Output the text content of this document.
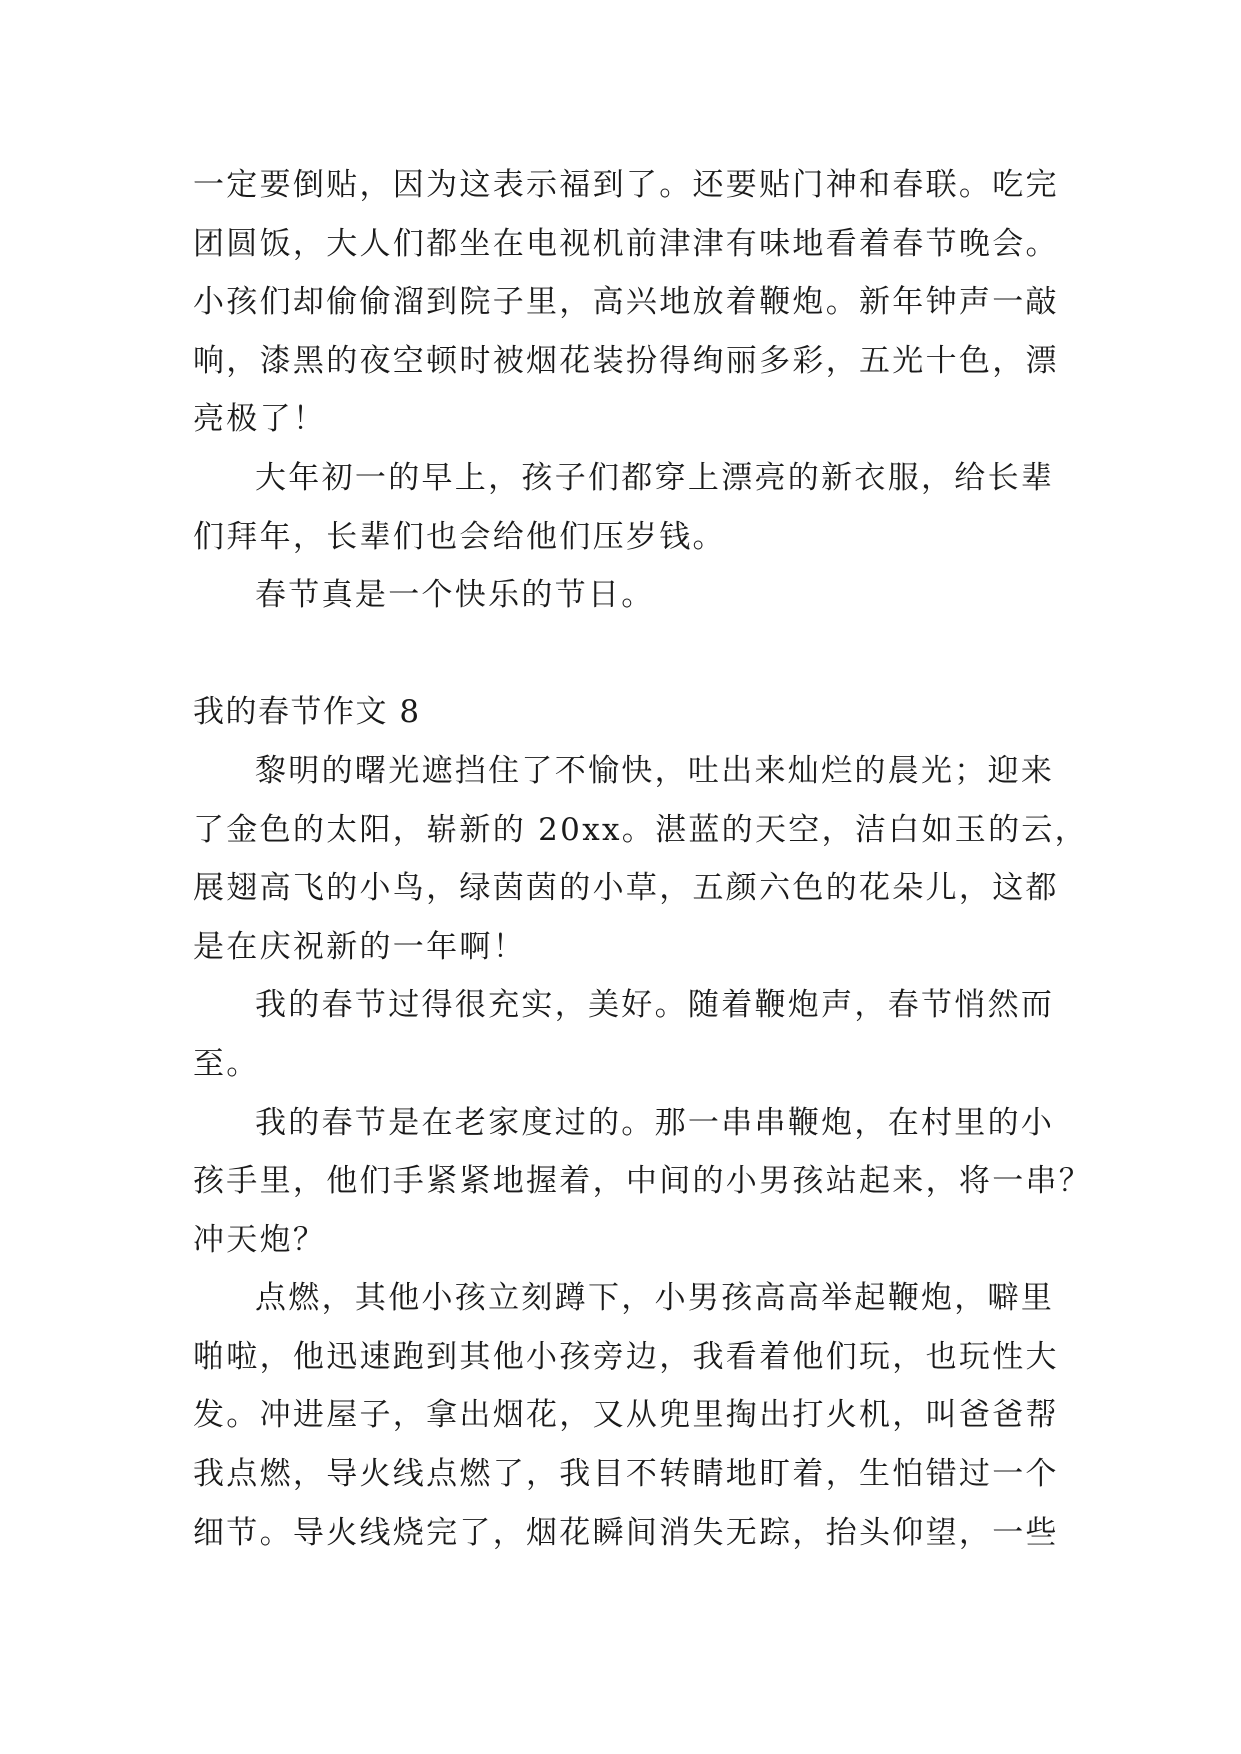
一定要倒贴，因为这表示福到了。还要贴门神和春联。吃完
团圆饭，大人们都坐在电视机前津津有味地看着春节晚会。
小孩们却偷偷溜到院子里，高兴地放着鞭炮。新年钟声一敲
响，漆黑的夜空顿时被烟花装扮得绚丽多彩，五光十色，漂
亮极了！
大年初一的早上，孩子们都穿上漂亮的新衣服，给长辈
们拜年，长辈们也会给他们压岁钱。
春节真是一个快乐的节日。
我的春节作文 8
黎明的曙光遮挡住了不愉快，吐出来灿烂的晨光；迎来
了金色的太阳，崭新的 20xx。湛蓝的天空，洁白如玉的云，
展翅高飞的小鸟，绿茵茵的小草，五颜六色的花朵儿，这都
是在庆祝新的一年啊！
我的春节过得很充实，美好。随着鞭炮声，春节悄然而
至。
我的春节是在老家度过的。那一串串鞭炮，在村里的小
孩手里，他们手紧紧地握着，中间的小男孩站起来，将一串？
冲天炮？
点燃，其他小孩立刻蹲下，小男孩高高举起鞭炮，噼里
啪啦，他迅速跑到其他小孩旁边，我看着他们玩，也玩性大
发。冲进屋子，拿出烟花，又从兜里掏出打火机，叫爸爸帮
我点燃，导火线点燃了，我目不转睛地盯着，生怕错过一个
细节。导火线烧完了，烟花瞬间消失无踪，抬头仰望，一些
